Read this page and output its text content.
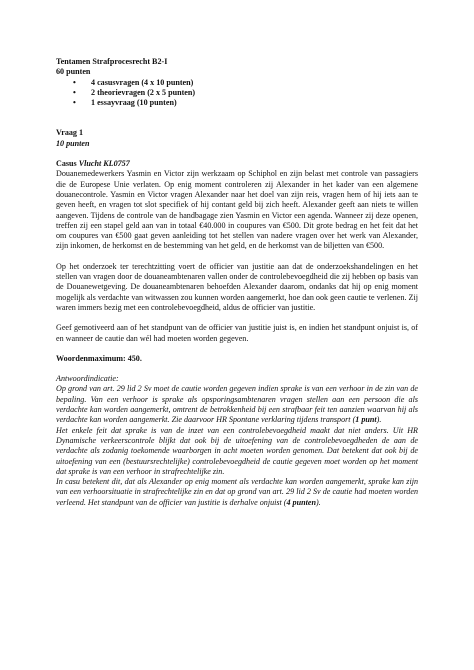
Tentamen Strafprocesrecht B2-I
60 punten
• 4 casusvragen (4 x 10 punten)
• 2 theorievragen (2 x 5 punten)
• 1 essayvraag (10 punten)
Vraag 1
10 punten
Casus Vlucht KL0757

Douanemedewerkers Yasmin en Victor zijn werkzaam op Schiphol en zijn belast met controle van passagiers die de Europese Unie verlaten. Op enig moment controleren zij Alexander in het kader van een algemene douanecontrole. Yasmin en Victor vragen Alexander naar het doel van zijn reis, vragen hem of hij iets aan te geven heeft, en vragen tot slot specifiek of hij contant geld bij zich heeft. Alexander geeft aan niets te willen aangeven. Tijdens de controle van de handbagage zien Yasmin en Victor een agenda. Wanneer zij deze openen, treffen zij een stapel geld aan van in totaal €40.000 in coupures van €500. Dit grote bedrag en het feit dat het om coupures van €500 gaat geven aanleiding tot het stellen van nadere vragen over het werk van Alexander, zijn inkomen, de herkomst en de bestemming van het geld, en de herkomst van de biljetten van €500.

Op het onderzoek ter terechtzitting voert de officier van justitie aan dat de onderzoekshandelingen en het stellen van vragen door de douaneambtenaren vallen onder de controlebevoegdheid die zij hebben op basis van de Douanewetgeving. De douaneambtenaren behoefden Alexander daarom, ondanks dat hij op enig moment mogelijk als verdachte van witwassen zou kunnen worden aangemerkt, hoe dan ook geen cautie te verlenen. Zij waren immers bezig met een controlebevoegdheid, aldus de officier van justitie.

Geef gemotiveerd aan of het standpunt van de officier van justitie juist is, en indien het standpunt onjuist is, of en wanneer de cautie dan wél had moeten worden gegeven.

Woordenmaximum: 450.
Antwoordindicatie:

Op grond van art. 29 lid 2 Sv moet de cautie worden gegeven indien sprake is van een verhoor in de zin van de bepaling. Van een verhoor is sprake als opsporingsambtenaren vragen stellen aan een persoon die als verdachte kan worden aangemerkt, omtrent de betrokkenheid bij een strafbaar feit ten aanzien waarvan hij als verdachte kan worden aangemerkt. Zie daarvoor HR Spontane verklaring tijdens transport (1 punt).

Het enkele feit dat sprake is van de inzet van een controlebevoegdheid maakt dat niet anders. Uit HR Dynamische verkeerscontrole blijkt dat ook bij de uitoefening van de controlebevoegdheden de aan de verdachte als zodanig toekomende waarborgen in acht moeten worden genomen. Dat betekent dat ook bij de uitoefening van een (bestuursrechtelijke) controlebevoegdheid de cautie gegeven moet worden op het moment dat sprake is van een verhoor in strafrechtelijke zin.

In casu betekent dit, dat als Alexander op enig moment als verdachte kan worden aangemerkt, sprake kan zijn van een verhoorsituatie in strafrechtelijke zin en dat op grond van art. 29 lid 2 Sv de cautie had moeten worden verleend. Het standpunt van de officier van justitie is derhalve onjuist (4 punten).
